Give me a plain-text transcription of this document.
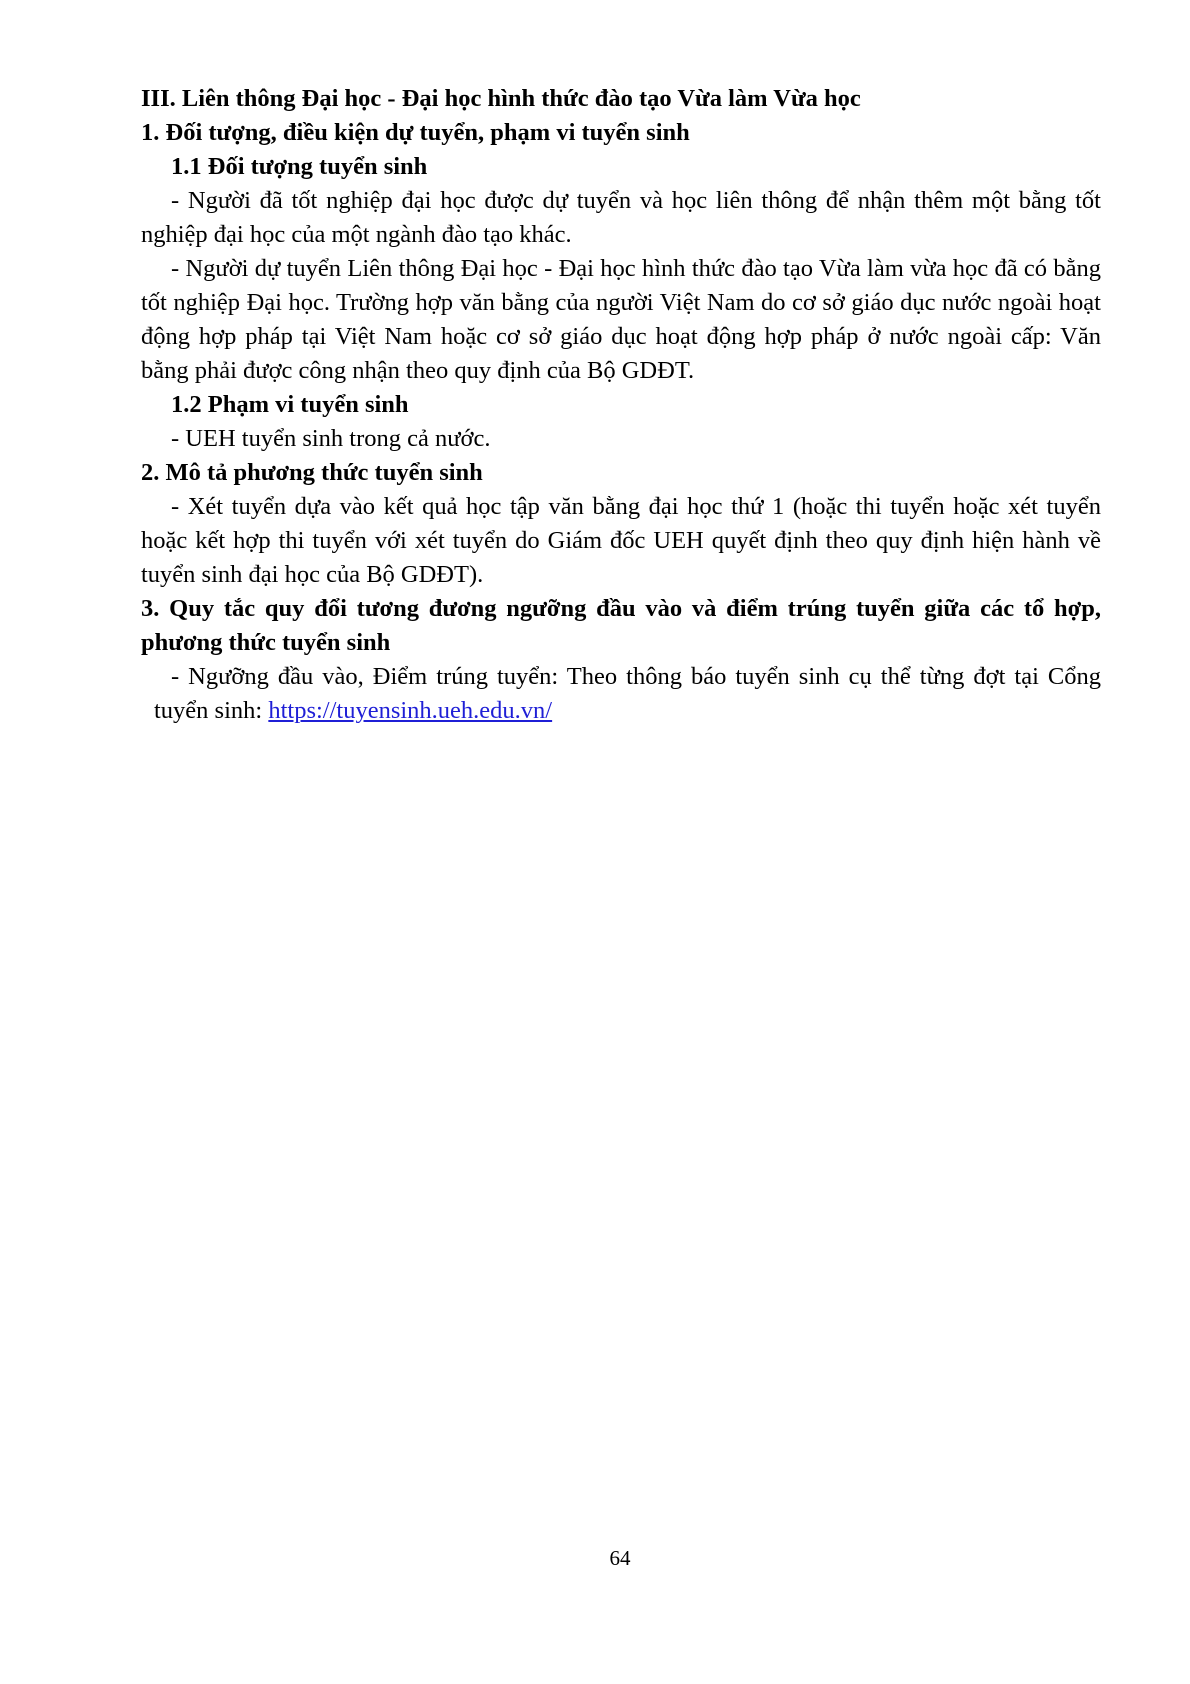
III. Liên thông Đại học - Đại học hình thức đào tạo Vừa làm Vừa học

1. Đối tượng, điều kiện dự tuyển, phạm vi tuyển sinh

1.1 Đối tượng tuyển sinh

- Người đã tốt nghiệp đại học được dự tuyển và học liên thông để nhận thêm một bằng tốt nghiệp đại học của một ngành đào tạo khác.

- Người dự tuyển Liên thông Đại học - Đại học hình thức đào tạo Vừa làm vừa học đã có bằng tốt nghiệp Đại học. Trường hợp văn bằng của người Việt Nam do cơ sở giáo dục nước ngoài hoạt động hợp pháp tại Việt Nam hoặc cơ sở giáo dục hoạt động hợp pháp ở nước ngoài cấp: Văn bằng phải được công nhận theo quy định của Bộ GDĐT.

1.2 Phạm vi tuyển sinh

- UEH tuyển sinh trong cả nước.

2. Mô tả phương thức tuyển sinh

- Xét tuyển dựa vào kết quả học tập văn bằng đại học thứ 1 (hoặc thi tuyển hoặc xét tuyển hoặc kết hợp thi tuyển với xét tuyển do Giám đốc UEH quyết định theo quy định hiện hành về tuyển sinh đại học của Bộ GDĐT).

3. Quy tắc quy đổi tương đương ngưỡng đầu vào và điểm trúng tuyển giữa các tổ hợp, phương thức tuyển sinh

- Ngưỡng đầu vào, Điểm trúng tuyển: Theo thông báo tuyển sinh cụ thể từng đợt tại Cổng tuyển sinh: https://tuyensinh.ueh.edu.vn/

64
